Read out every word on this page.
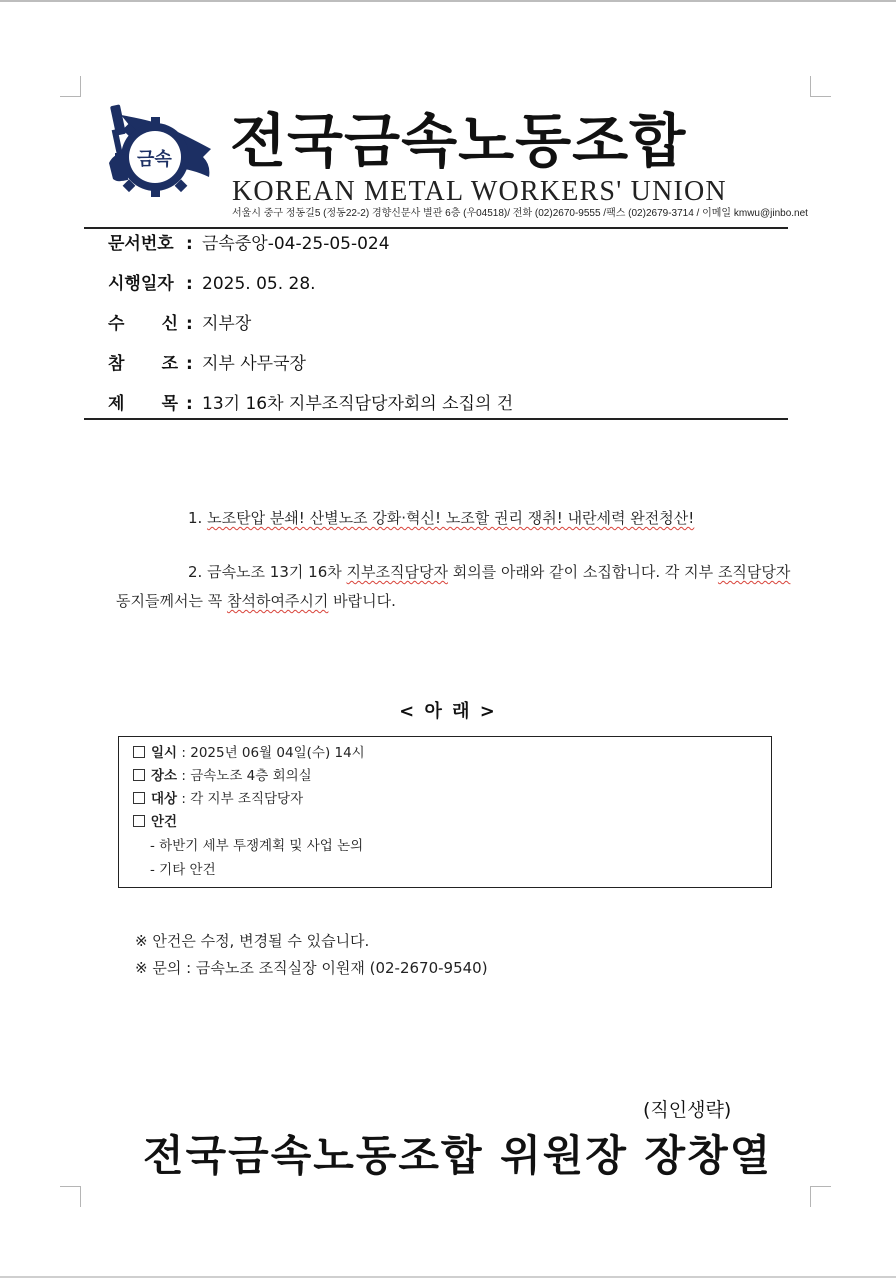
금속 전국금속노동조합
KOREAN METAL WORKERS' UNION
서울시 중구 정동길5 (정동22-2) 경향신문사 별관 6층 (우04518)/ 전화 (02)2670-9555 /팩스 (02)2679-3714 / 이메일 kmwu@jinbo.net
문서번호 : 금속중앙-04-25-05-024
시행일자 : 2025. 05. 28.
수 신 : 지부장
참 조 : 지부 사무국장
제 목 : 13기 16차 지부조직담당자회의 소집의 건
1. 노조탄압 분쇄! 산별노조 강화·혁신! 노조할 권리 쟁취! 내란세력 완전청산!
2. 금속노조 13기 16차 지부조직담당자 회의를 아래와 같이 소집합니다. 각 지부 조직담당자
동지들께서는 꼭 참석하여주시기 바랍니다.
< 아 래 >
일시 : 2025년 06월 04일(수) 14시
장소 : 금속노조 4층 회의실
대상 : 각 지부 조직담당자
안건
- 하반기 세부 투쟁계획 및 사업 논의
- 기타 안건
※ 안건은 수정, 변경될 수 있습니다.
※ 문의 : 금속노조 조직실장 이원재 (02-2670-9540)
(직인생략)
전국금속노동조합 위원장 장창열
